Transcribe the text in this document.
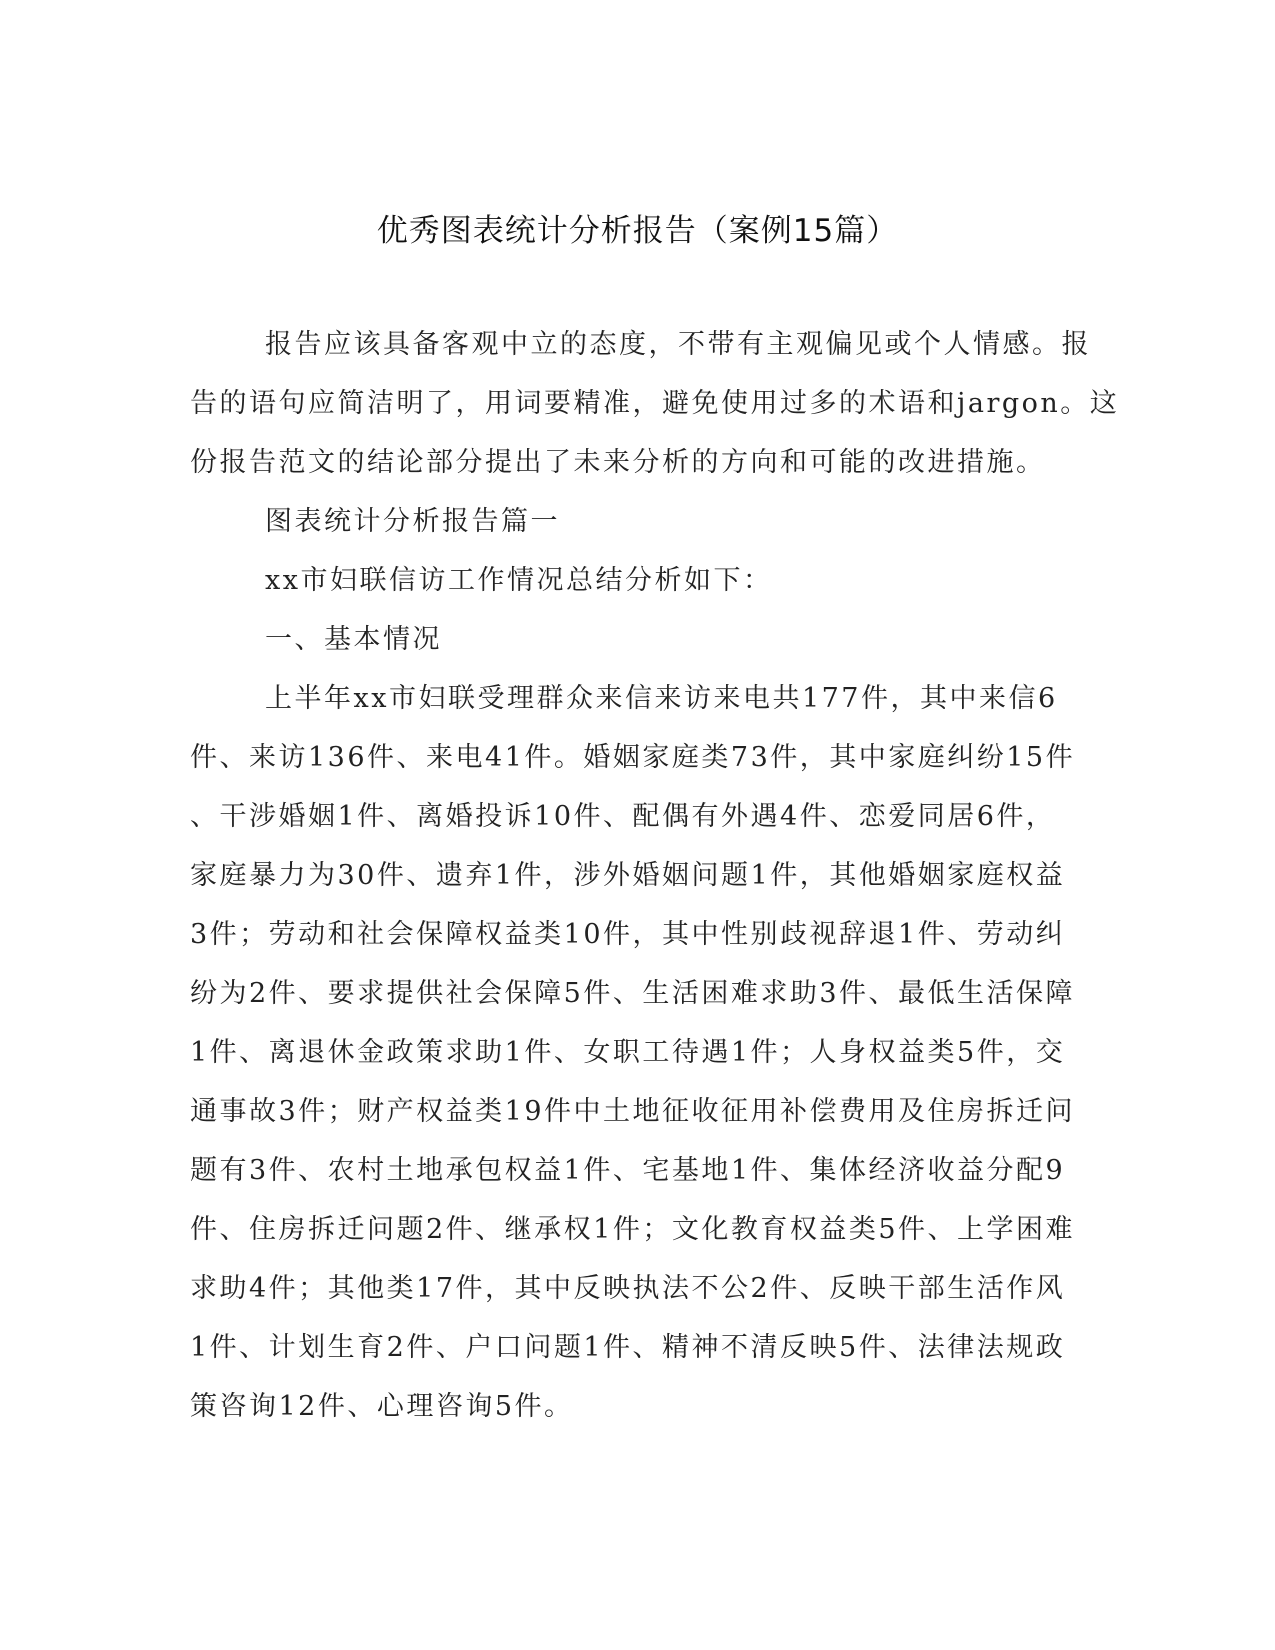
优秀图表统计分析报告（案例15篇）
报告应该具备客观中立的态度，不带有主观偏见或个人情感。报
告的语句应简洁明了，用词要精准，避免使用过多的术语和jargon。这
份报告范文的结论部分提出了未来分析的方向和可能的改进措施。
图表统计分析报告篇一
xx市妇联信访工作情况总结分析如下：
一、基本情况
上半年xx市妇联受理群众来信来访来电共177件，其中来信6
件、来访136件、来电41件。婚姻家庭类73件，其中家庭纠纷15件
、干涉婚姻1件、离婚投诉10件、配偶有外遇4件、恋爱同居6件，
家庭暴力为30件、遗弃1件，涉外婚姻问题1件，其他婚姻家庭权益
3件；劳动和社会保障权益类10件，其中性别歧视辞退1件、劳动纠
纷为2件、要求提供社会保障5件、生活困难求助3件、最低生活保障
1件、离退休金政策求助1件、女职工待遇1件；人身权益类5件，交
通事故3件；财产权益类19件中土地征收征用补偿费用及住房拆迁问
题有3件、农村土地承包权益1件、宅基地1件、集体经济收益分配9
件、住房拆迁问题2件、继承权1件；文化教育权益类5件、上学困难
求助4件；其他类17件，其中反映执法不公2件、反映干部生活作风
1件、计划生育2件、户口问题1件、精神不清反映5件、法律法规政
策咨询12件、心理咨询5件。
